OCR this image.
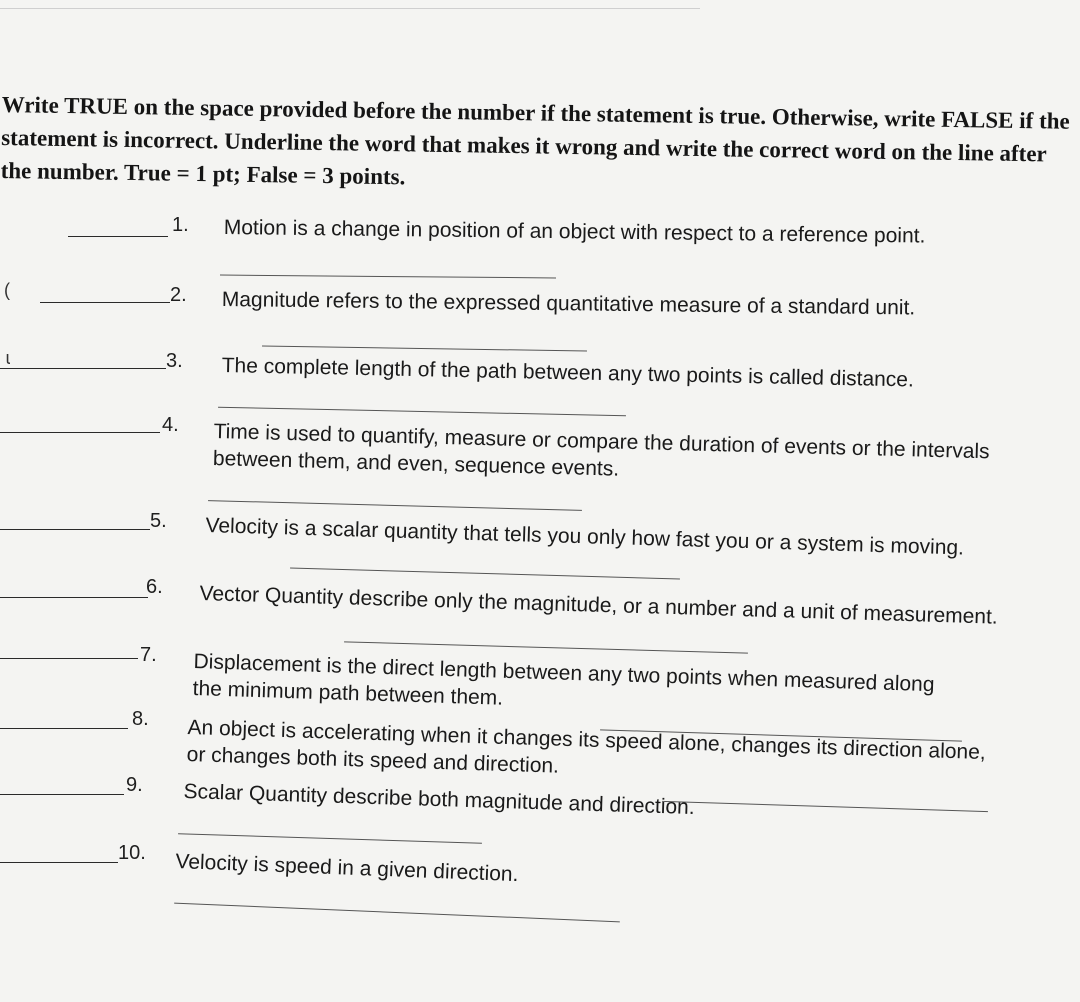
Write TRUE on the space provided before the number if the statement is true. Otherwise, write FALSE if the statement is incorrect. Underline the word that makes it wrong and write the correct word on the line after the number. True = 1 pt; False = 3 points.
1. Motion is a change in position of an object with respect to a reference point.
(	2. Magnitude refers to the expressed quantitative measure of a standard unit.
ɩ	3. The complete length of the path between any two points is called distance.
4. Time is used to quantify, measure or compare the duration of events or the intervals between them, and even, sequence events.
5. Velocity is a scalar quantity that tells you only how fast you or a system is moving.
6. Vector Quantity describe only the magnitude, or a number and a unit of measurement.
7. Displacement is the direct length between any two points when measured along the minimum path between them.
8. An object is accelerating when it changes its speed alone, changes its direction alone, or changes both its speed and direction.
9. Scalar Quantity describe both magnitude and direction.
10. Velocity is speed in a given direction.
